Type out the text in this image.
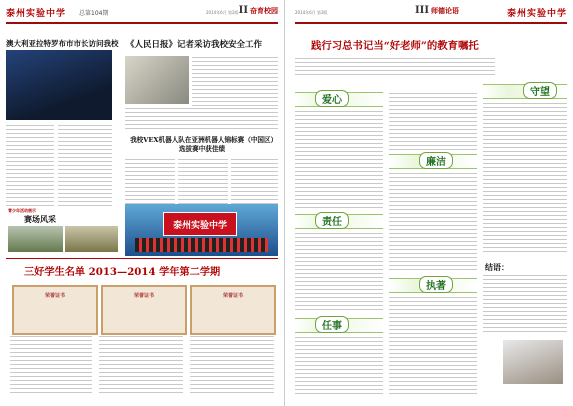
泰州实验中学 总第104期	2014年6月 第2版 II 奋育校园
澳大利亚拉特罗布市市长访问我校 《人民日报》记者采访我校安全工作
我校VEX机器人队在亚洲机器人锦标赛（中国区）选拔赛中获佳绩
泰州实验中学
青少年活动展示
赛场风采
三好学生名单 2013—2014 学年第二学期
荣誉证书	荣誉证书	荣誉证书
2014年6月 第3版	III 师德论语	泰州实验中学
践行习总书记当“好老师”的教育嘱托
爱心
责任
任事
廉洁
执著
守望
结语：
